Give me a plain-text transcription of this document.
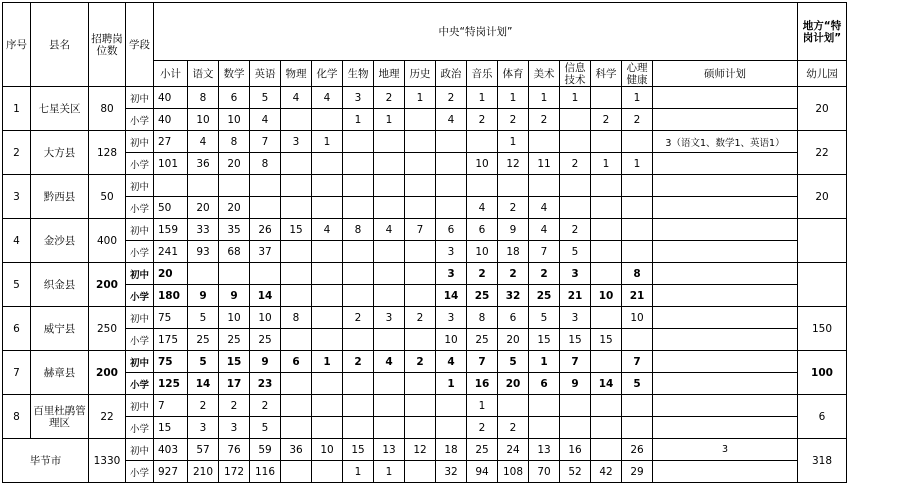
序号	县名	招聘岗位数	学段	中央“特岗计划”																	地方“特岗计划”
				小计	语文	数学	英语	物理	化学	生物	地理	历史	政治	音乐	体育	美术	信息技术	科学	心理健康	硕师计划	幼儿园
1	七星关区	80	初中	40	8	6	5	4	4	3	2	1	2	1	1	1	1		1		20
			小学	40	10	10	4			1	1		4	2	2	2		2	2		
2	大方县	128	初中	27	4	8	7	3	1						1					3（语文1、数学1、英语1）	22
			小学	101	36	20	8							10	12	11	2	1	1		
3	黔西县	50	初中																		20
			小学	50	20	20								4	2	4					
4	金沙县	400	初中	159	33	35	26	15	4	8	4	7	6	6	9	4	2				
			小学	241	93	68	37						3	10	18	7	5				
5	织金县	200	初中	20									3	2	2	2	3		8		
			小学	180	9	9	14						14	25	32	25	21	10	21		
6	威宁县	250	初中	75	5	10	10	8		2	3	2	3	8	6	5	3		10		150
			小学	175	25	25	25						10	25	20	15	15	15			
7	赫章县	200	初中	75	5	15	9	6	1	2	4	2	4	7	5	1	7		7		100
			小学	125	14	17	23						1	16	20	6	9	14	5		
8	百里杜鹃管理区	22	初中	7	2	2	2							1							6
			小学	15	3	3	5							2	2						
毕节市		1330	初中	403	57	76	59	36	10	15	13	12	18	25	24	13	16		26	3	318
			小学	927	210	172	116			1	1		32	94	108	70	52	42	29		
